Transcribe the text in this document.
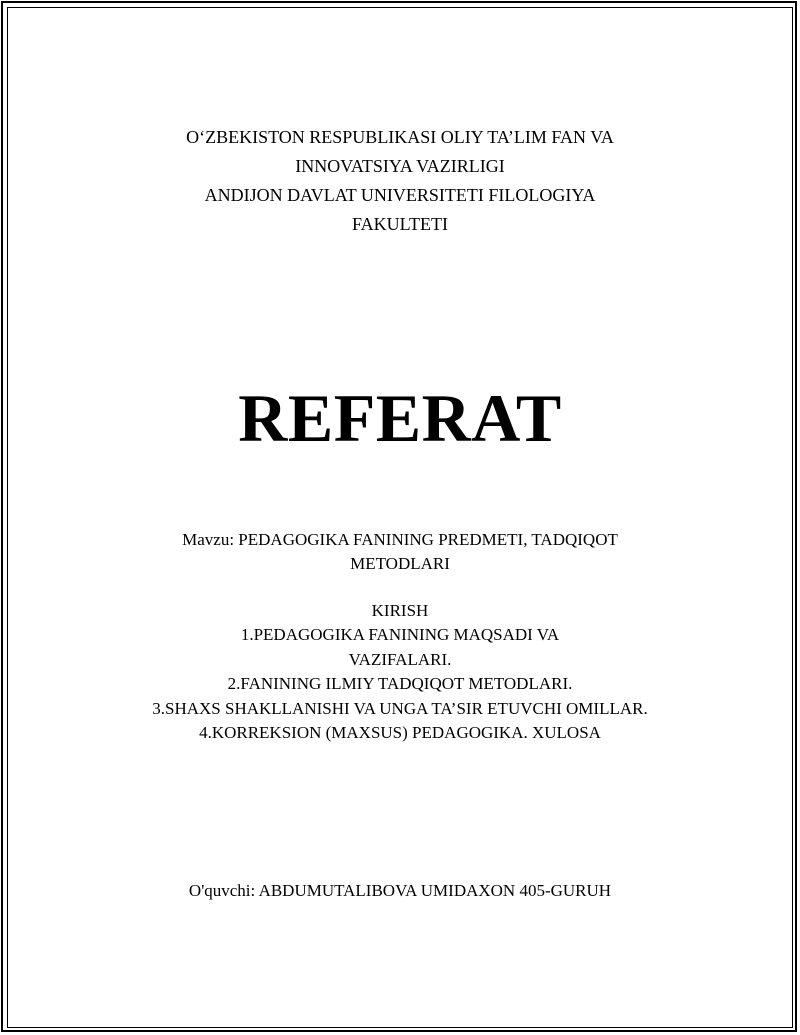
O‘ZBEKISTON RESPUBLIKASI OLIY TA’LIM FAN VA
INNOVATSIYA VAZIRLIGI
ANDIJON DAVLAT UNIVERSITETI FILOLOGIYA
FAKULTETI
REFERAT
Mavzu: PEDAGOGIKA FANINING PREDMETI, TADQIQOT
METODLARI
KIRISH
1.PEDAGOGIKA FANINING MAQSADI VA
VAZIFALARI.
2.FANINING ILMIY TADQIQOT METODLARI.
3.SHAXS SHAKLLANISHI VA UNGA TA’SIR ETUVCHI OMILLAR.
4.KORREKSION (MAXSUS) PEDAGOGIKA. XULOSA
O'quvchi: ABDUMUTALIBOVA UMIDAXON 405-GURUH
